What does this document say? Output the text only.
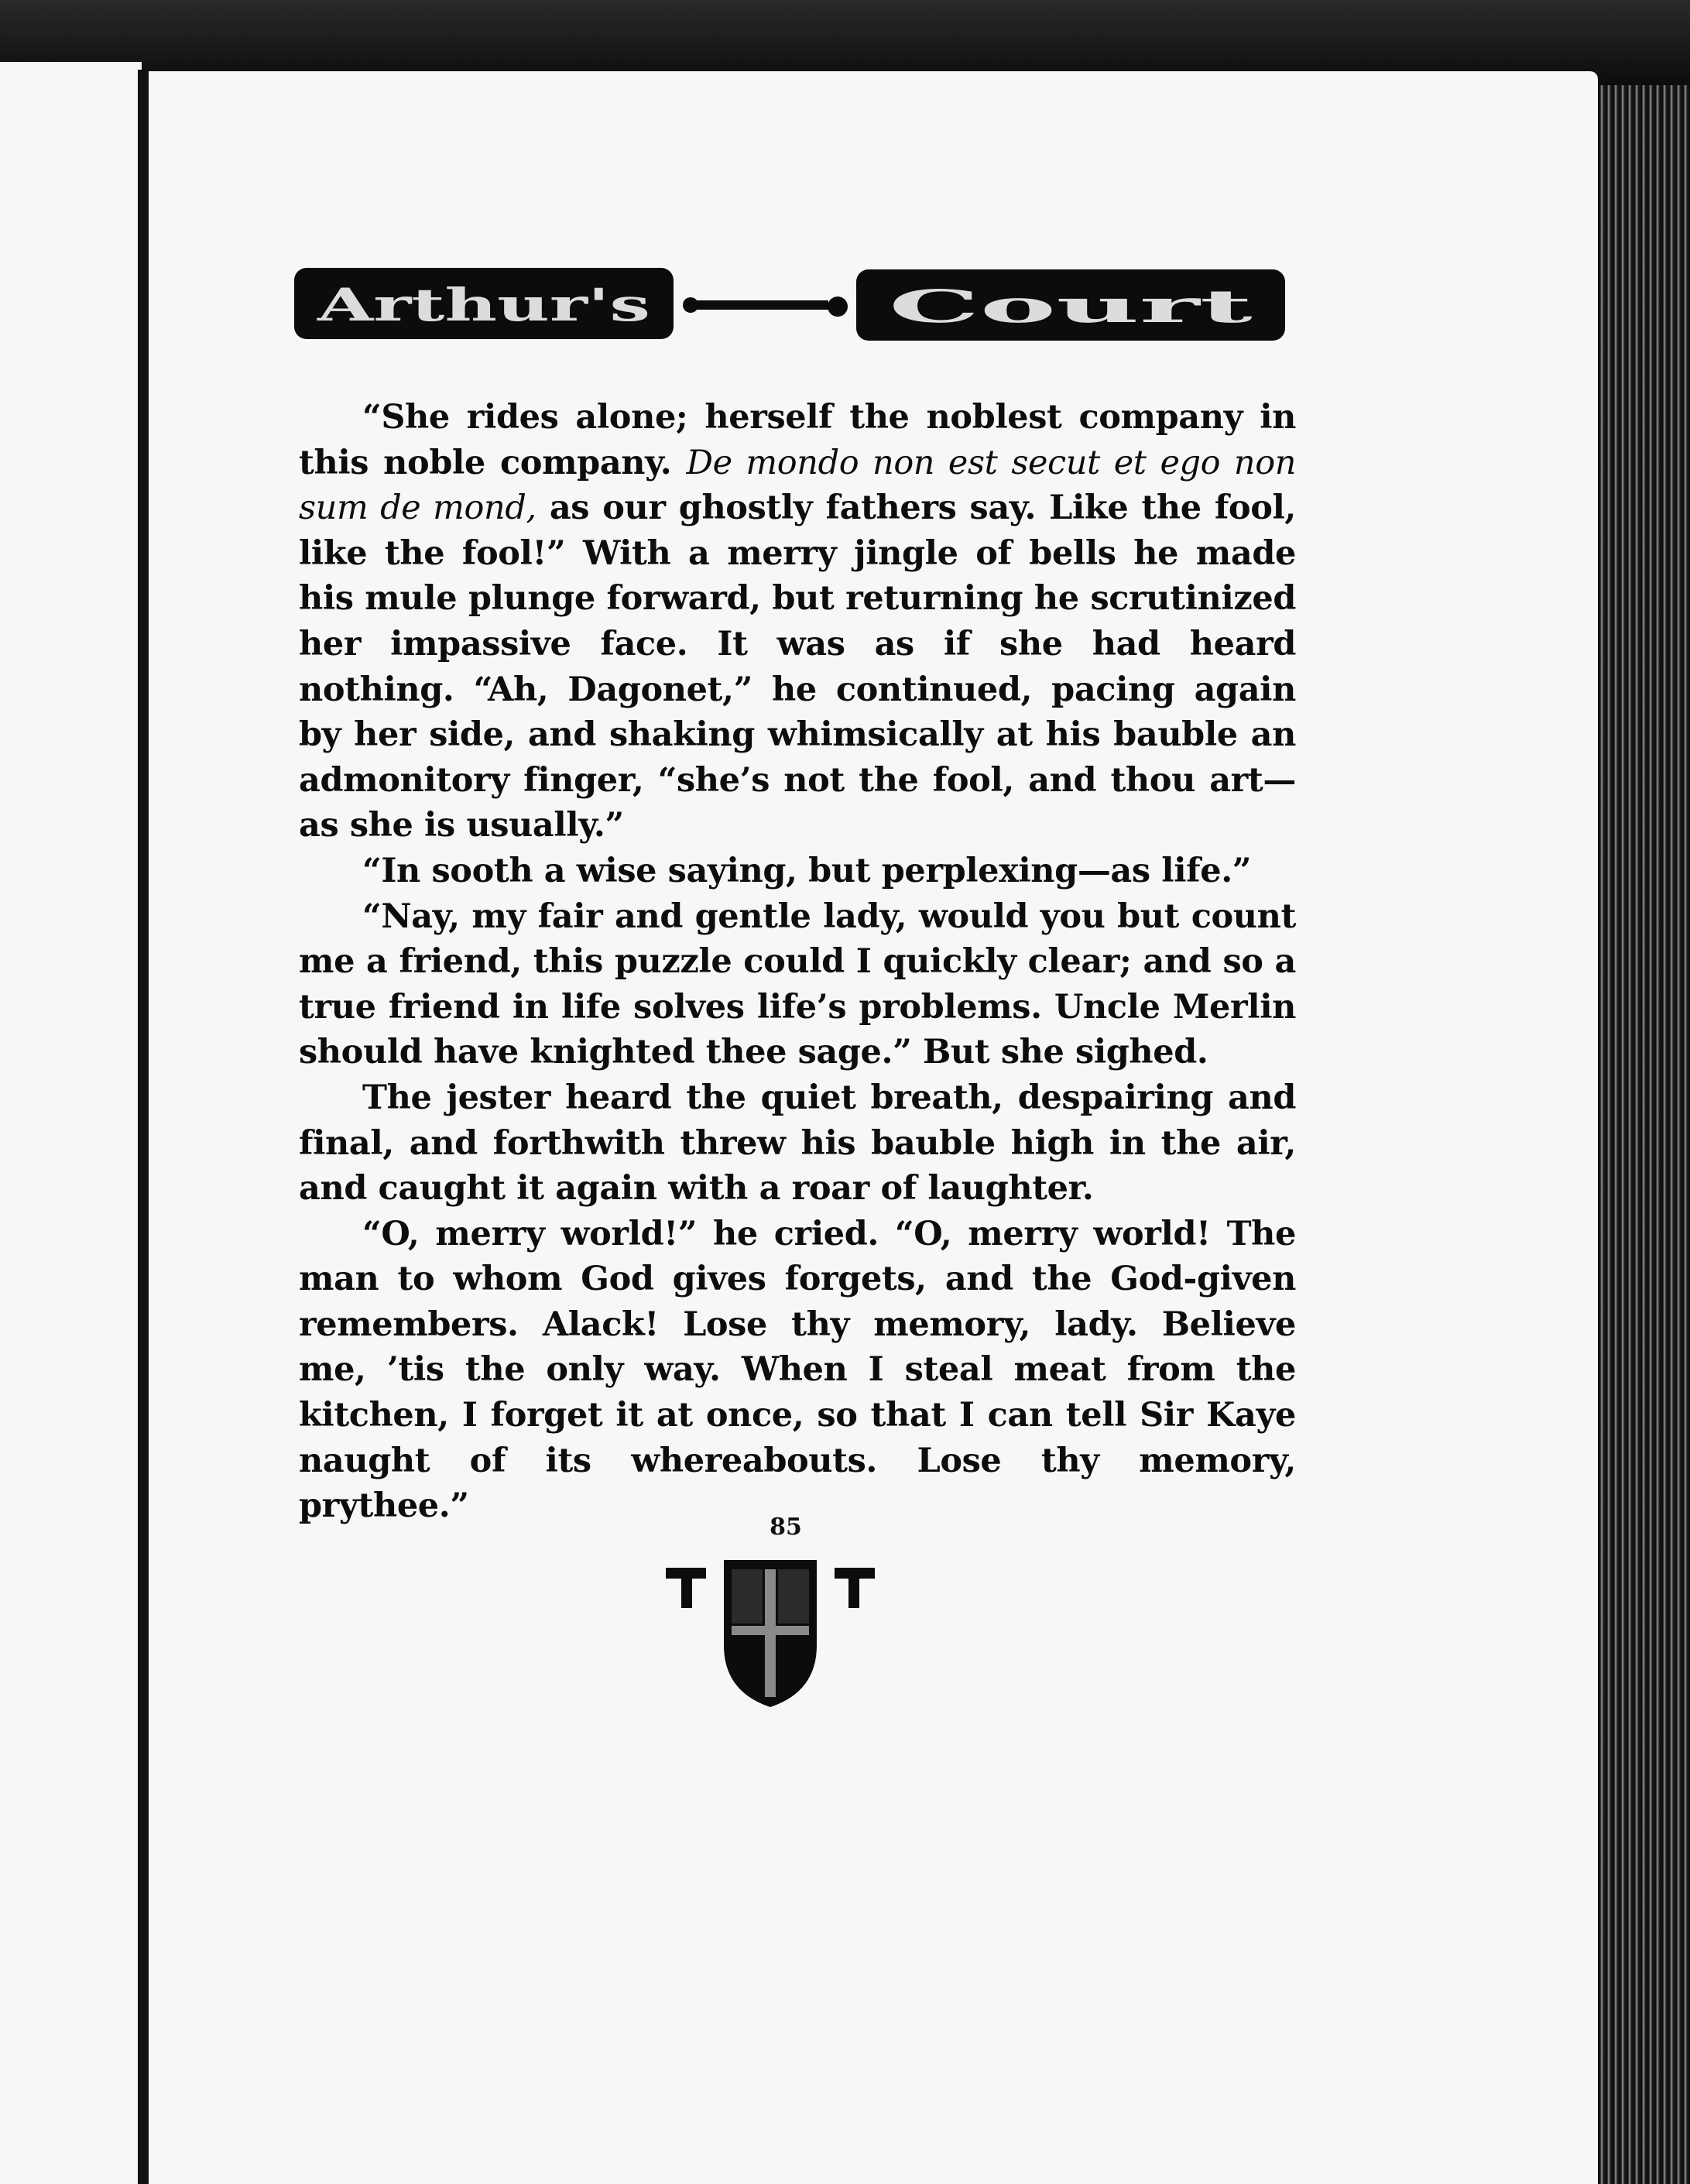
Arthur's	Court

“She rides alone; herself the noblest company in this noble company. De mondo non est secut et ego non sum de mond, as our ghostly fathers say. Like the fool, like the fool!” With a merry jingle of bells he made his mule plunge forward, but returning he scrutinized her impassive face. It was as if she had heard nothing. “Ah, Dagonet,” he continued, pacing again by her side, and shaking whimsically at his bauble an admonitory finger, “she’s not the fool, and thou art—as she is usually.”

“In sooth a wise saying, but perplexing—as life.”

“Nay, my fair and gentle lady, would you but count me a friend, this puzzle could I quickly clear; and so a true friend in life solves life’s problems. Uncle Merlin should have knighted thee sage.” But she sighed.

The jester heard the quiet breath, despairing and final, and forthwith threw his bauble high in the air, and caught it again with a roar of laughter.

“O, merry world!” he cried. “O, merry world! The man to whom God gives forgets, and the God-given remembers. Alack! Lose thy memory, lady. Believe me, ’tis the only way. When I steal meat from the kitchen, I forget it at once, so that I can tell Sir Kaye naught of its whereabouts. Lose thy memory, prythee.”

85
